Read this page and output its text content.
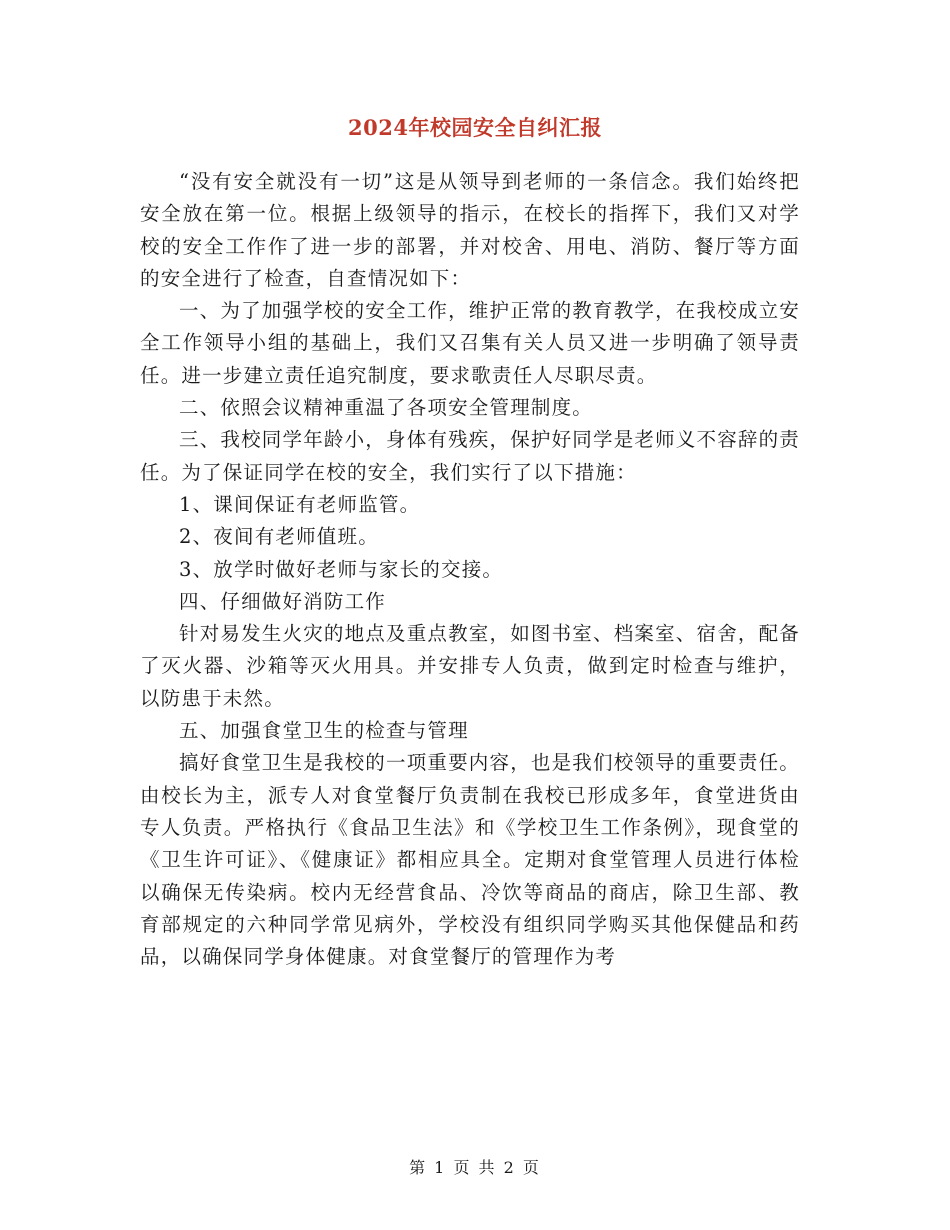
2024年校园安全自纠汇报

“没有安全就没有一切”这是从领导到老师的一条信念。我们始终把安全放在第一位。根据上级领导的指示，在校长的指挥下，我们又对学校的安全工作作了进一步的部署，并对校舍、用电、消防、餐厅等方面的安全进行了检查，自查情况如下：

一、为了加强学校的安全工作，维护正常的教育教学，在我校成立安全工作领导小组的基础上，我们又召集有关人员又进一步明确了领导责任。进一步建立责任追究制度，要求歌责任人尽职尽责。

二、依照会议精神重温了各项安全管理制度。

三、我校同学年龄小，身体有残疾，保护好同学是老师义不容辞的责任。为了保证同学在校的安全，我们实行了以下措施：

1、课间保证有老师监管。

2、夜间有老师值班。

3、放学时做好老师与家长的交接。

四、仔细做好消防工作

针对易发生火灾的地点及重点教室，如图书室、档案室、宿舍，配备了灭火器、沙箱等灭火用具。并安排专人负责，做到定时检查与维护，以防患于未然。

五、加强食堂卫生的检查与管理

搞好食堂卫生是我校的一项重要内容，也是我们校领导的重要责任。由校长为主，派专人对食堂餐厅负责制在我校已形成多年，食堂进货由专人负责。严格执行《食品卫生法》和《学校卫生工作条例》，现食堂的《卫生许可证》、《健康证》都相应具全。定期对食堂管理人员进行体检以确保无传染病。校内无经营食品、冷饮等商品的商店，除卫生部、教育部规定的六种同学常见病外，学校没有组织同学购买其他保健品和药品，以确保同学身体健康。对食堂餐厅的管理作为考

第 1 页 共 2 页
